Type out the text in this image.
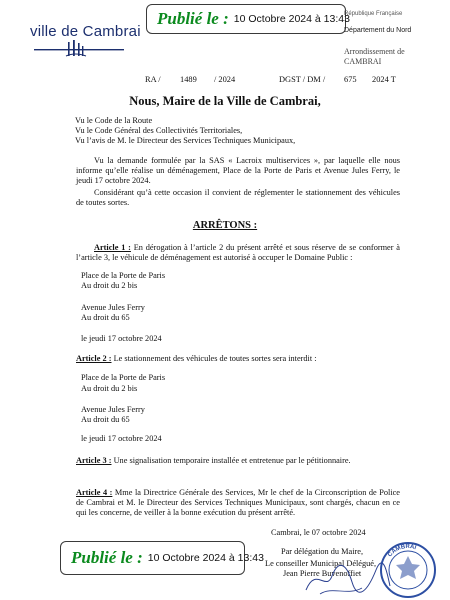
Publié le : 10 Octobre 2024 à 13:43
ville de Cambrai
République Française
Département du Nord
Arrondissement de CAMBRAI
RA / 1489 / 2024	DGST / DM / 675 2024 T
Nous, Maire de la Ville de Cambrai,
Vu le Code de la Route
Vu le Code Général des Collectivités Territoriales,
Vu l’avis de M. le Directeur des Services Techniques Municipaux,
Vu la demande formulée par la SAS « Lacroix multiservices », par laquelle elle nous informe qu’elle réalise un déménagement, Place de la Porte de Paris et Avenue Jules Ferry, le jeudi 17 octobre 2024.
Considérant qu’à cette occasion il convient de réglementer le stationnement des véhicules de toutes sortes.
ARRÊTONS :
Article 1 : En dérogation à l’article 2 du présent arrêté et sous réserve de se conformer à l’article 3, le véhicule de déménagement est autorisé à occuper le Domaine Public :
Place de la Porte de Paris
Au droit du 2 bis
Avenue Jules Ferry
Au droit du 65
le jeudi 17 octobre 2024
Article 2 : Le stationnement des véhicules de toutes sortes sera interdit :
Place de la Porte de Paris
Au droit du 2 bis
Avenue Jules Ferry
Au droit du 65
le jeudi 17 octobre 2024
Article 3 : Une signalisation temporaire installée et entretenue par le pétitionnaire.
Article 4 : Mme la Directrice Générale des Services, Mr le chef de la Circonscription de Police de Cambrai et M. le Directeur des Services Techniques Municipaux, sont chargés, chacun en ce qui les concerne, de veiller à la bonne exécution du présent arrêté.
Cambrai, le 07 octobre 2024
Par délégation du Maire,
Le conseiller Municipal Délégué,
Jean Pierre Buvenoffiet
CAMBRAI
Publié le : 10 Octobre 2024 à 13:43
